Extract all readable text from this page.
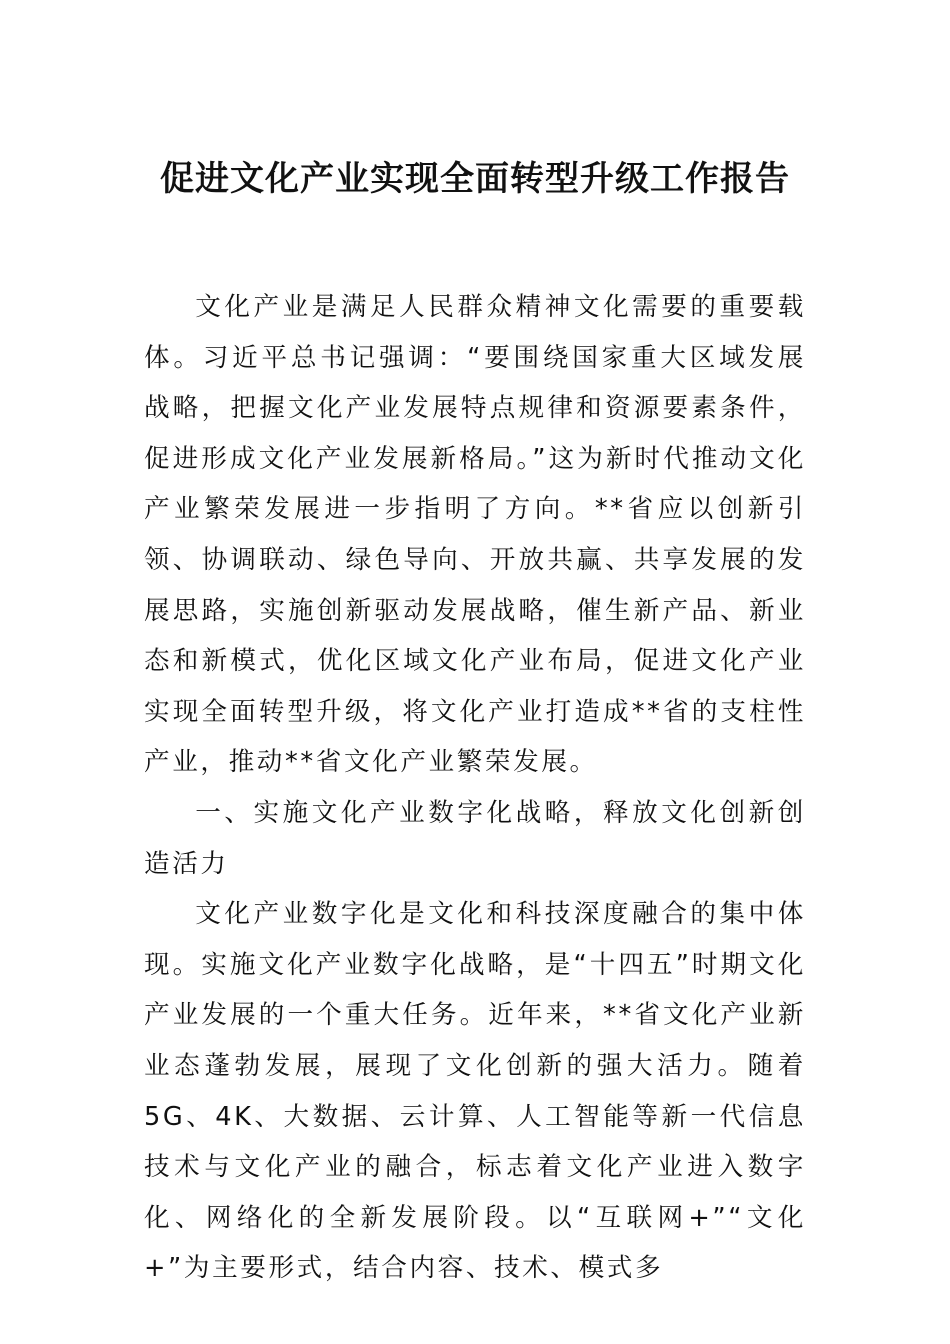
促进文化产业实现全面转型升级工作报告

文化产业是满足人民群众精神文化需要的重要载体。习近平总书记强调：“要围绕国家重大区域发展战略，把握文化产业发展特点规律和资源要素条件，促进形成文化产业发展新格局。”这为新时代推动文化产业繁荣发展进一步指明了方向。**省应以创新引领、协调联动、绿色导向、开放共赢、共享发展的发展思路，实施创新驱动发展战略，催生新产品、新业态和新模式，优化区域文化产业布局，促进文化产业实现全面转型升级，将文化产业打造成**省的支柱性产业，推动**省文化产业繁荣发展。

一、实施文化产业数字化战略，释放文化创新创造活力

文化产业数字化是文化和科技深度融合的集中体现。实施文化产业数字化战略，是“十四五”时期文化产业发展的一个重大任务。近年来，**省文化产业新业态蓬勃发展，展现了文化创新的强大活力。随着 5G、4K、大数据、云计算、人工智能等新一代信息技术与文化产业的融合，标志着文化产业进入数字化、网络化的全新发展阶段。以“互联网+”“文化+”为主要形式，结合内容、技术、模式多
